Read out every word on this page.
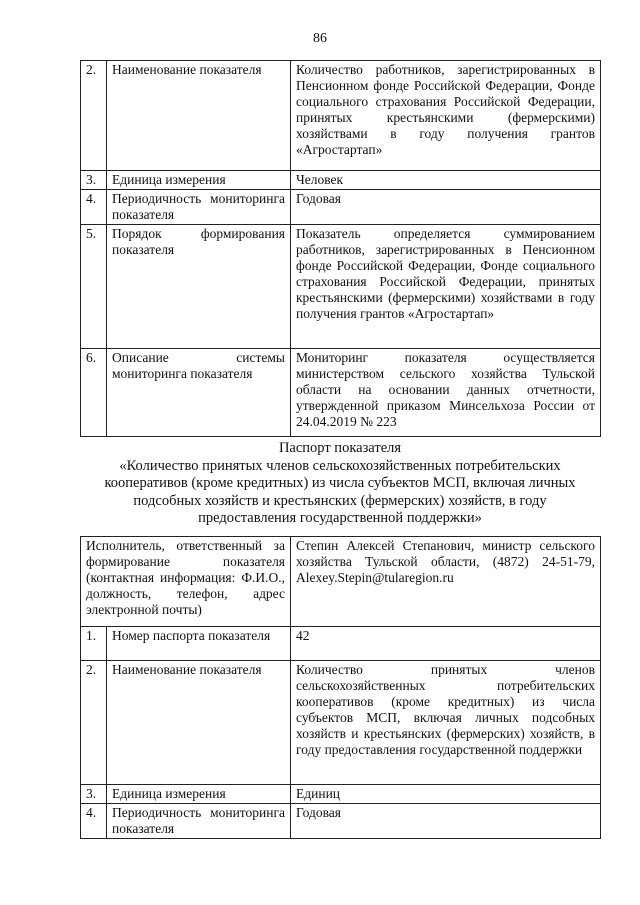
86
2.	Наименование показателя	Количество работников, зарегистрированных в Пенсионном фонде Российской Федерации, Фонде социального страхования Российской Федерации, принятых крестьянскими (фермерскими) хозяйствами в году получения грантов «Агростартап»
3.	Единица измерения	Человек
4.	Периодичность мониторинга показателя	Годовая
5.	Порядок формирования показателя	Показатель определяется суммированием работников, зарегистрированных в Пенсионном фонде Российской Федерации, Фонде социального страхования Российской Федерации, принятых крестьянскими (фермерскими) хозяйствами в году получения грантов «Агростартап»
6.	Описание системы мониторинга показателя	Мониторинг показателя осуществляется министерством сельского хозяйства Тульской области на основании данных отчетности, утвержденной приказом Минсельхоза России от 24.04.2019 № 223
Паспорт показателя
«Количество принятых членов сельскохозяйственных потребительских кооперативов (кроме кредитных) из числа субъектов МСП, включая личных подсобных хозяйств и крестьянских (фермерских) хозяйств, в году предоставления государственной поддержки»
Исполнитель, ответственный за формирование показателя (контактная информация: Ф.И.О., должность, телефон, адрес электронной почты)		Степин Алексей Степанович, министр сельского хозяйства Тульской области, (4872) 24-51-79, Alexey.Stepin@tularegion.ru
1.	Номер паспорта показателя	42
2.	Наименование показателя	Количество принятых членов сельскохозяйственных потребительских кооперативов (кроме кредитных) из числа субъектов МСП, включая личных подсобных хозяйств и крестьянских (фермерских) хозяйств, в году предоставления государственной поддержки
3.	Единица измерения	Единиц
4.	Периодичность мониторинга показателя	Годовая
